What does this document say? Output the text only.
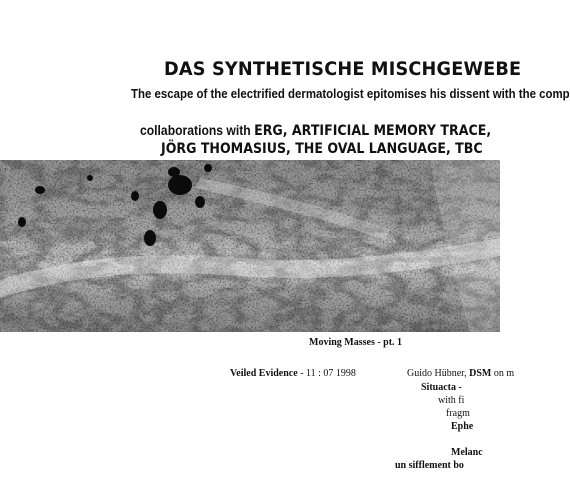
DAS SYNTHETISCHE MISCHGEWEBE
The escape of the electrified dermatologist epitomises his dissent with the comp
collaborations with ERG, ARTIFICIAL MEMORY TRACE,
JÖRG THOMASIUS, THE OVAL LANGUAGE, TBC
Moving Masses - pt. 1
Veiled Evidence - 11 : 07 1998	Guido Hübner, DSM on m
Situacta -
with fi
fragm
Ephe
Melanc
un sifflement bo
